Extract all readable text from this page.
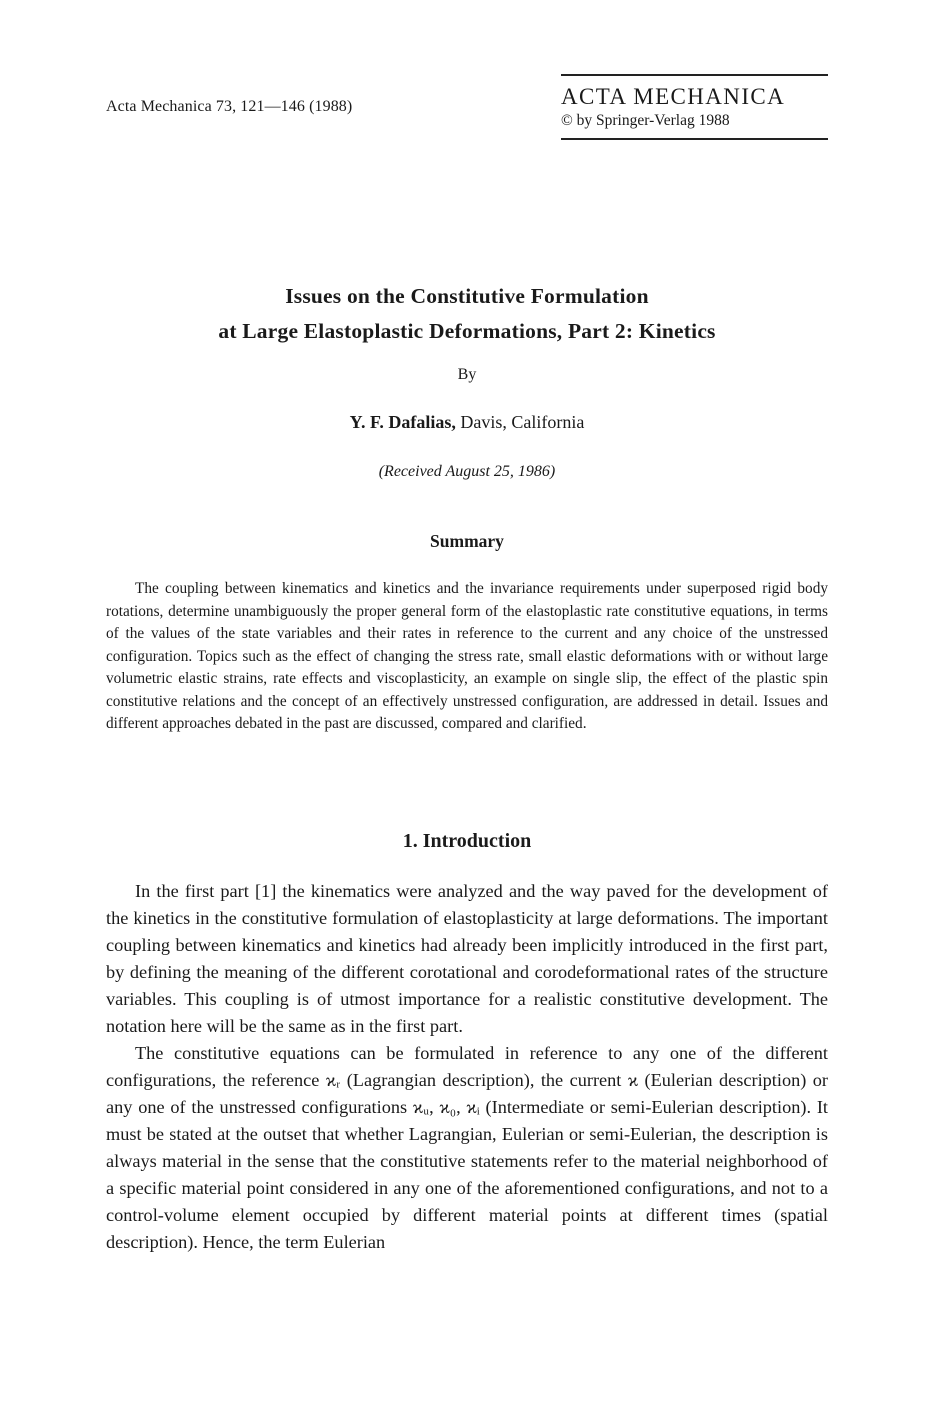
Acta Mechanica 73, 121—146 (1988)	ACTA MECHANICA
© by Springer-Verlag 1988
Issues on the Constitutive Formulation
at Large Elastoplastic Deformations, Part 2: Kinetics
By
Y. F. Dafalias, Davis, California
(Received August 25, 1986)
Summary

The coupling between kinematics and kinetics and the invariance requirements under superposed rigid body rotations, determine unambiguously the proper general form of the elastoplastic rate constitutive equations, in terms of the values of the state variables and their rates in reference to the current and any choice of the unstressed configuration. Topics such as the effect of changing the stress rate, small elastic deformations with or without large volumetric elastic strains, rate effects and viscoplasticity, an example on single slip, the effect of the plastic spin constitutive relations and the concept of an effectively unstressed configuration, are addressed in detail. Issues and different approaches debated in the past are discussed, compared and clarified.

1. Introduction

In the first part [1] the kinematics were analyzed and the way paved for the development of the kinetics in the constitutive formulation of elastoplasticity at large deformations. The important coupling between kinematics and kinetics had already been implicitly introduced in the first part, by defining the meaning of the different corotational and corodeformational rates of the structure variables. This coupling is of utmost importance for a realistic constitutive development. The notation here will be the same as in the first part.

The constitutive equations can be formulated in reference to any one of the different configurations, the reference ϰᵣ (Lagrangian description), the current ϰ (Eulerian description) or any one of the unstressed configurations ϰᵤ, ϰ₀, ϰᵢ (Intermediate or semi-Eulerian description). It must be stated at the outset that whether Lagrangian, Eulerian or semi-Eulerian, the description is always material in the sense that the constitutive statements refer to the material neighborhood of a specific material point considered in any one of the aforementioned configurations, and not to a control-volume element occupied by different material points at different times (spatial description). Hence, the term Eulerian
